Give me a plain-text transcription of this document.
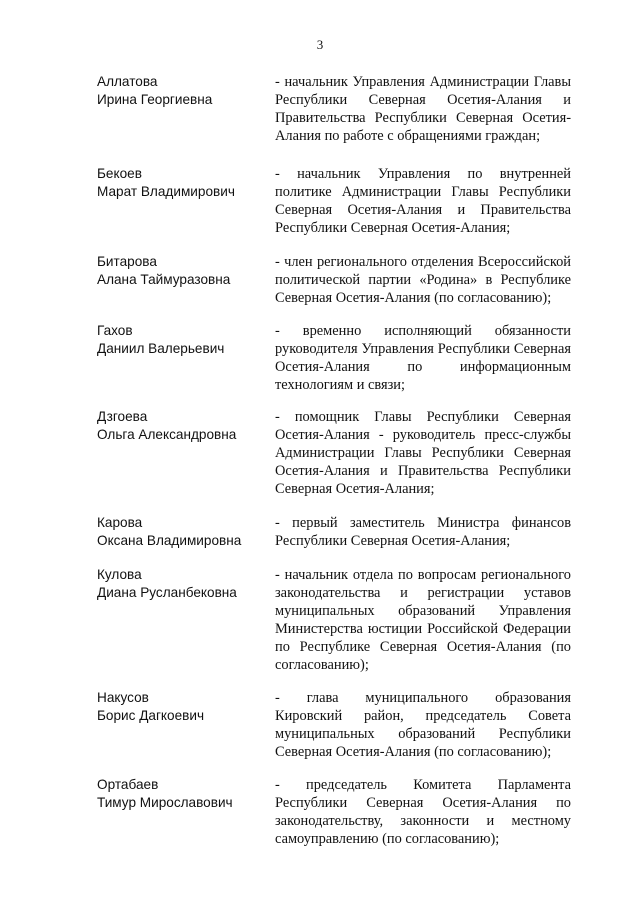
3
Аллатова
Ирина Георгиевна
- начальник Управления Администрации Главы Республики Северная Осетия-Алания и Правительства Республики Северная Осетия-Алания по работе с обращениями граждан;
Бекоев
Марат Владимирович
- начальник Управления по внутренней политике Администрации Главы Республики Северная Осетия-Алания и Правительства Республики Северная Осетия-Алания;
Битарова
Алана Таймуразовна
- член регионального отделения Всероссийской политической партии «Родина» в Республике Северная Осетия-Алания (по согласованию);
Гахов
Даниил Валерьевич
- временно исполняющий обязанности руководителя Управления Республики Северная Осетия-Алания по информационным технологиям и связи;
Дзгоева
Ольга Александровна
- помощник Главы Республики Северная Осетия-Алания - руководитель пресс-службы Администрации Главы Республики Северная Осетия-Алания и Правительства Республики Северная Осетия-Алания;
Карова
Оксана Владимировна
- первый заместитель Министра финансов Республики Северная Осетия-Алания;
Кулова
Диана Русланбековна
- начальник отдела по вопросам регионального законодательства и регистрации уставов муниципальных образований Управления Министерства юстиции Российской Федерации по Республике Северная Осетия-Алания (по согласованию);
Накусов
Борис Дагкоевич
- глава муниципального образования Кировский район, председатель Совета муниципальных образований Республики Северная Осетия-Алания (по согласованию);
Ортабаев
Тимур Мирославович
- председатель Комитета Парламента Республики Северная Осетия-Алания по законодательству, законности и местному самоуправлению (по согласованию);
